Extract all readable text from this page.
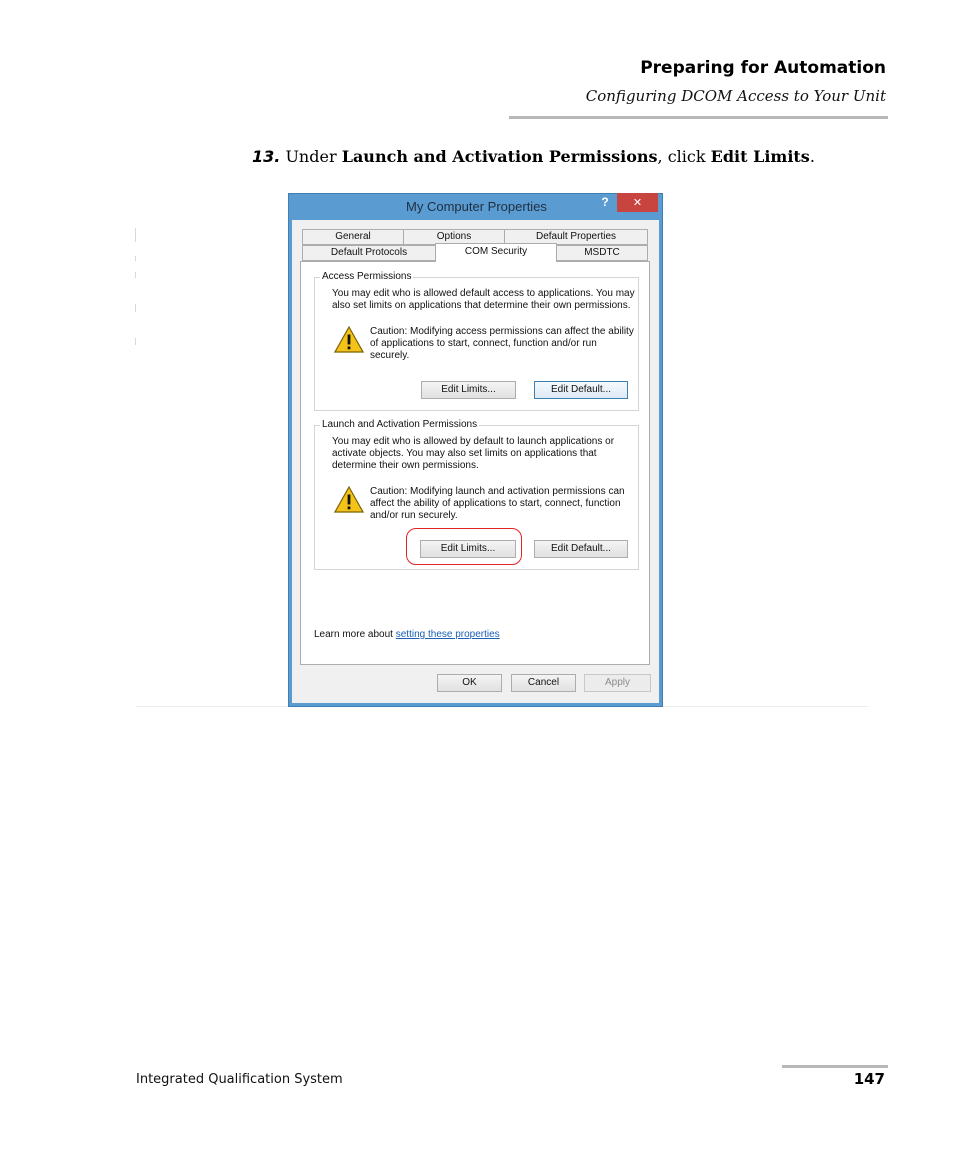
Preparing for Automation
Configuring DCOM Access to Your Unit
13. Under Launch and Activation Permissions, click Edit Limits.
My Computer Properties	?	✕
General	Options	Default Properties
Default Protocols	COM Security	MSDTC
Access Permissions
You may edit who is allowed default access to applications. You may
also set limits on applications that determine their own permissions.
Caution: Modifying access permissions can affect the ability
of applications to start, connect, function and/or run
securely.
Edit Limits...	Edit Default...
Launch and Activation Permissions
You may edit who is allowed by default to launch applications or
activate objects. You may also set limits on applications that
determine their own permissions.
Caution: Modifying launch and activation permissions can
affect the ability of applications to start, connect, function
and/or run securely.
Edit Limits...	Edit Default...
Learn more about setting these properties
OK	Cancel	Apply
Integrated Qualification System	147
